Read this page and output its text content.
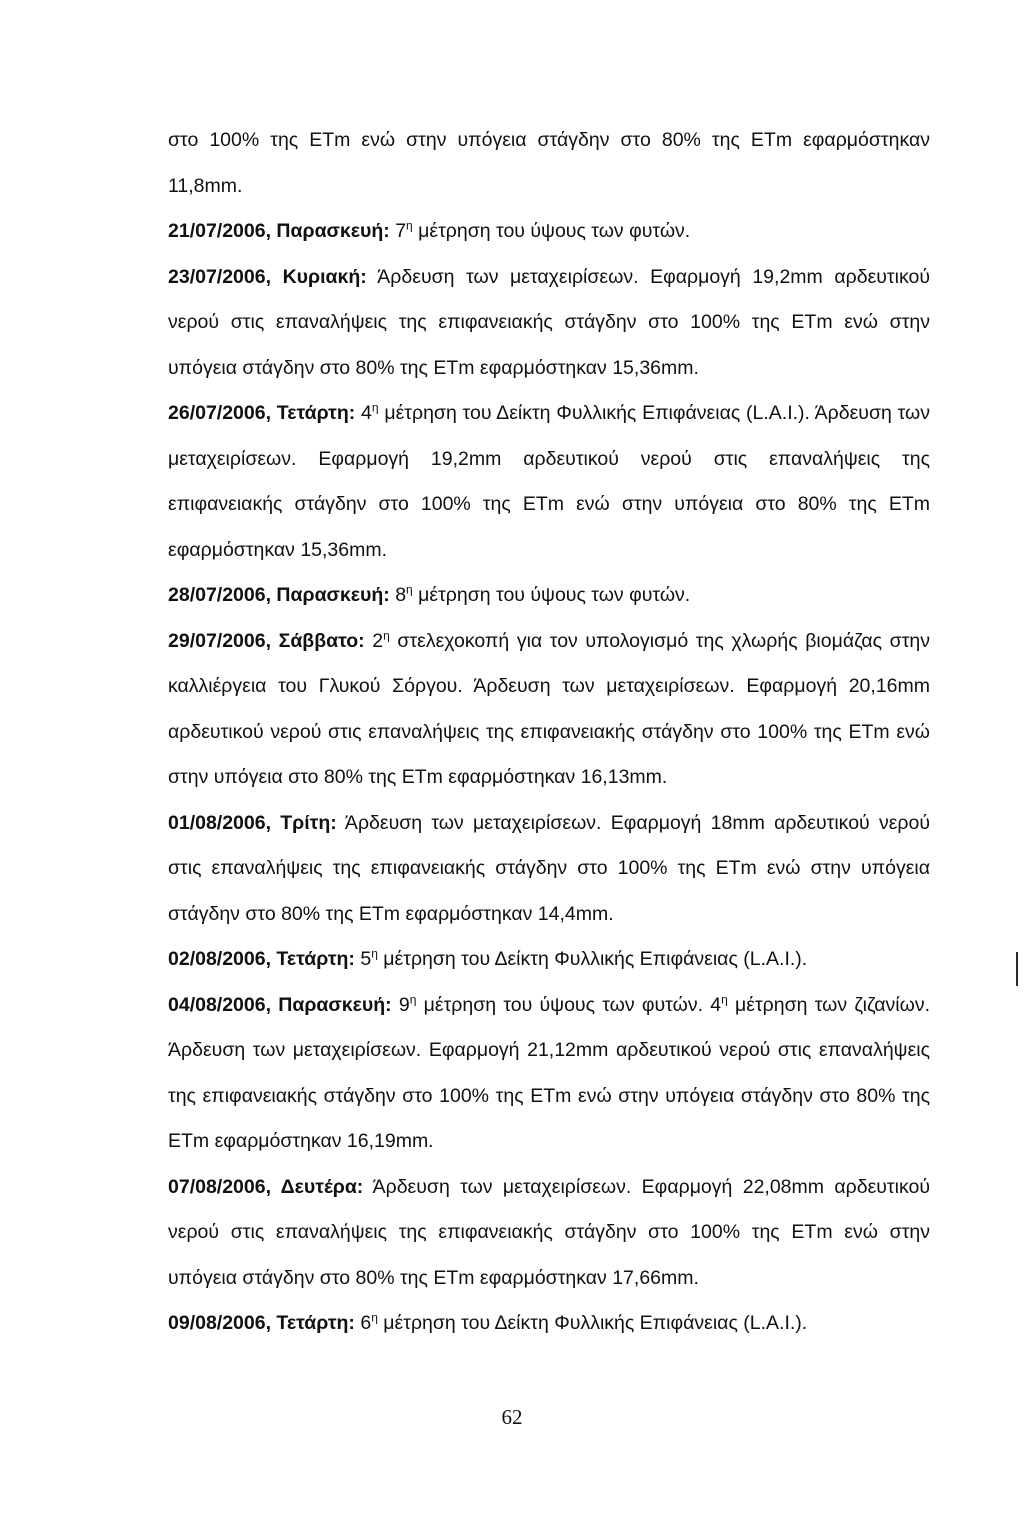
στο 100% της ΕΤm ενώ στην υπόγεια στάγδην στο 80% της ΕΤm εφαρμόστηκαν 11,8mm.

21/07/2006, Παρασκευή: $7^\eta$ μέτρηση του ύψους των φυτών.

23/07/2006, Κυριακή: Άρδευση των μεταχειρίσεων. Εφαρμογή 19,2mm αρδευτικού νερού στις επαναλήψεις της επιφανειακής στάγδην στο 100% της ΕΤm ενώ στην υπόγεια στάγδην στο 80% της ΕΤm εφαρμόστηκαν 15,36mm.

26/07/2006, Τετάρτη: $4^\eta$ μέτρηση του Δείκτη Φυλλικής Επιφάνειας (L.A.I.). Άρδευση των μεταχειρίσεων. Εφαρμογή 19,2mm αρδευτικού νερού στις επαναλήψεις της επιφανειακής στάγδην στο 100% της ΕΤm ενώ στην υπόγεια στο 80% της ΕΤm εφαρμόστηκαν 15,36mm.

28/07/2006, Παρασκευή: $8^\eta$ μέτρηση του ύψους των φυτών.

29/07/2006, Σάββατο: $2^\eta$ στελεχοκοπή για τον υπολογισμό της χλωρής βιομάζας στην καλλιέργεια του Γλυκού Σόργου. Άρδευση των μεταχειρίσεων. Εφαρμογή 20,16mm αρδευτικού νερού στις επαναλήψεις της επιφανειακής στάγδην στο 100% της ΕΤm ενώ στην υπόγεια στο 80% της ΕΤm εφαρμόστηκαν 16,13mm.

01/08/2006, Τρίτη: Άρδευση των μεταχειρίσεων. Εφαρμογή 18mm αρδευτικού νερού στις επαναλήψεις της επιφανειακής στάγδην στο 100% της ΕΤm ενώ στην υπόγεια στάγδην στο 80% της ΕΤm εφαρμόστηκαν 14,4mm.

02/08/2006, Τετάρτη: $5^\eta$ μέτρηση του Δείκτη Φυλλικής Επιφάνειας (L.A.I.).

04/08/2006, Παρασκευή: $9^\eta$ μέτρηση του ύψους των φυτών. $4^\eta$ μέτρηση των ζιζανίων. Άρδευση των μεταχειρίσεων. Εφαρμογή 21,12mm αρδευτικού νερού στις επαναλήψεις της επιφανειακής στάγδην στο 100% της ΕΤm ενώ στην υπόγεια στάγδην στο 80% της ΕΤm εφαρμόστηκαν 16,19mm.

07/08/2006, Δευτέρα: Άρδευση των μεταχειρίσεων. Εφαρμογή 22,08mm αρδευτικού νερού στις επαναλήψεις της επιφανειακής στάγδην στο 100% της ΕΤm ενώ στην υπόγεια στάγδην στο 80% της ΕΤm εφαρμόστηκαν 17,66mm.

09/08/2006, Τετάρτη: $6^\eta$ μέτρηση του Δείκτη Φυλλικής Επιφάνειας (L.A.I.).

62
